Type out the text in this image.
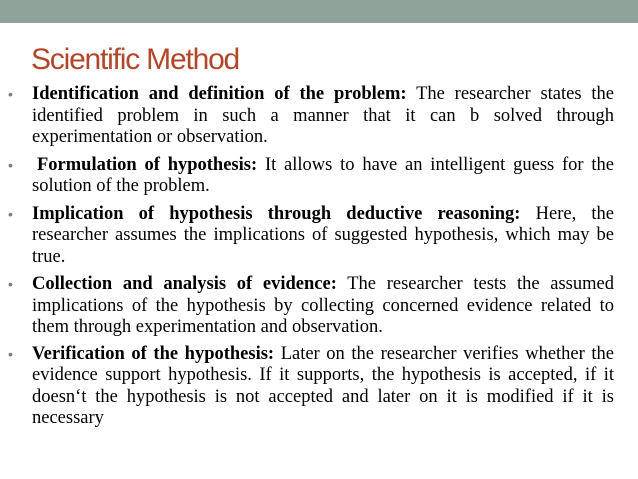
Scientific Method
• Identification and definition of the problem: The researcher states the identified problem in such a manner that it can b solved through experimentation or observation.
• Formulation of hypothesis: It allows to have an intelligent guess for the solution of the problem.
• Implication of hypothesis through deductive reasoning: Here, the researcher assumes the implications of suggested hypothesis, which may be true.
• Collection and analysis of evidence: The researcher tests the assumed implications of the hypothesis by collecting concerned evidence related to them through experimentation and observation.
• Verification of the hypothesis: Later on the researcher verifies whether the evidence support hypothesis. If it supports, the hypothesis is accepted, if it doesn‘t the hypothesis is not accepted and later on it is modified if it is necessary
